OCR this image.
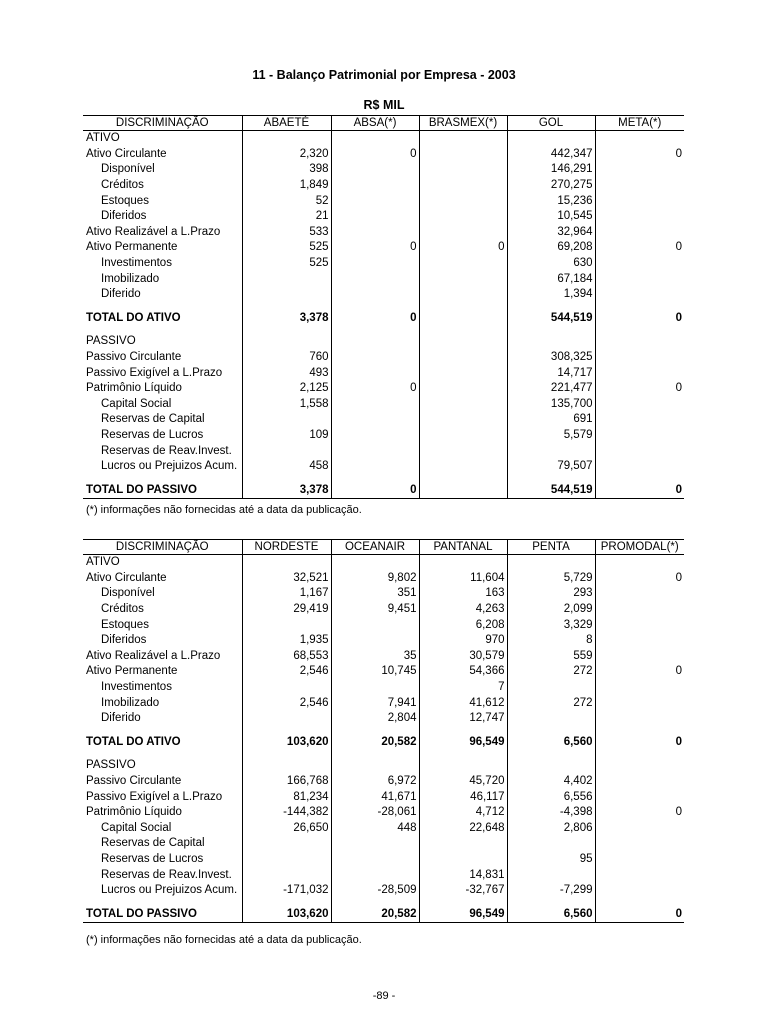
11 - Balanço Patrimonial por Empresa - 2003
R$ MIL
DISCRIMINAÇÃO	ABAETÉ	ABSA(*)	BRASMEX(*)	GOL	META(*)
ATIVO					
Ativo Circulante	2,320	0		442,347	0
Disponível	398			146,291	
Créditos	1,849			270,275	
Estoques	52			15,236	
Diferidos	21			10,545	
Ativo Realizável a L.Prazo	533			32,964	
Ativo Permanente	525	0	0	69,208	0
Investimentos	525			630	
Imobilizado				67,184	
Diferido				1,394	

TOTAL DO ATIVO	3,378	0		544,519	0

PASSIVO					
Passivo Circulante	760			308,325	
Passivo Exigível a L.Prazo	493			14,717	
Patrimônio Líquido	2,125	0		221,477	0
Capital Social	1,558			135,700	
Reservas de Capital				691	
Reservas de Lucros	109			5,579	
Reservas de Reav.Invest.					
Lucros ou Prejuizos Acum.	458			79,507	

TOTAL DO PASSIVO	3,378	0		544,519	0
(*) informações não fornecidas até a data da publicação.
DISCRIMINAÇÃO	NORDESTE	OCEANAIR	PANTANAL	PENTA	PROMODAL(*)
ATIVO					
Ativo Circulante	32,521	9,802	11,604	5,729	0
Disponível	1,167	351	163	293	
Créditos	29,419	9,451	4,263	2,099	
Estoques			6,208	3,329	
Diferidos	1,935		970	8	
Ativo Realizável a L.Prazo	68,553	35	30,579	559	
Ativo Permanente	2,546	10,745	54,366	272	0
Investimentos			7		
Imobilizado	2,546	7,941	41,612	272	
Diferido		2,804	12,747		

TOTAL DO ATIVO	103,620	20,582	96,549	6,560	0

PASSIVO					
Passivo Circulante	166,768	6,972	45,720	4,402	
Passivo Exigível a L.Prazo	81,234	41,671	46,117	6,556	
Patrimônio Líquido	-144,382	-28,061	4,712	-4,398	0
Capital Social	26,650	448	22,648	2,806	
Reservas de Capital					
Reservas de Lucros				95	
Reservas de Reav.Invest.			14,831		
Lucros ou Prejuizos Acum.	-171,032	-28,509	-32,767	-7,299	

TOTAL DO PASSIVO	103,620	20,582	96,549	6,560	0
(*) informações não fornecidas até a data da publicação.
-89 -
